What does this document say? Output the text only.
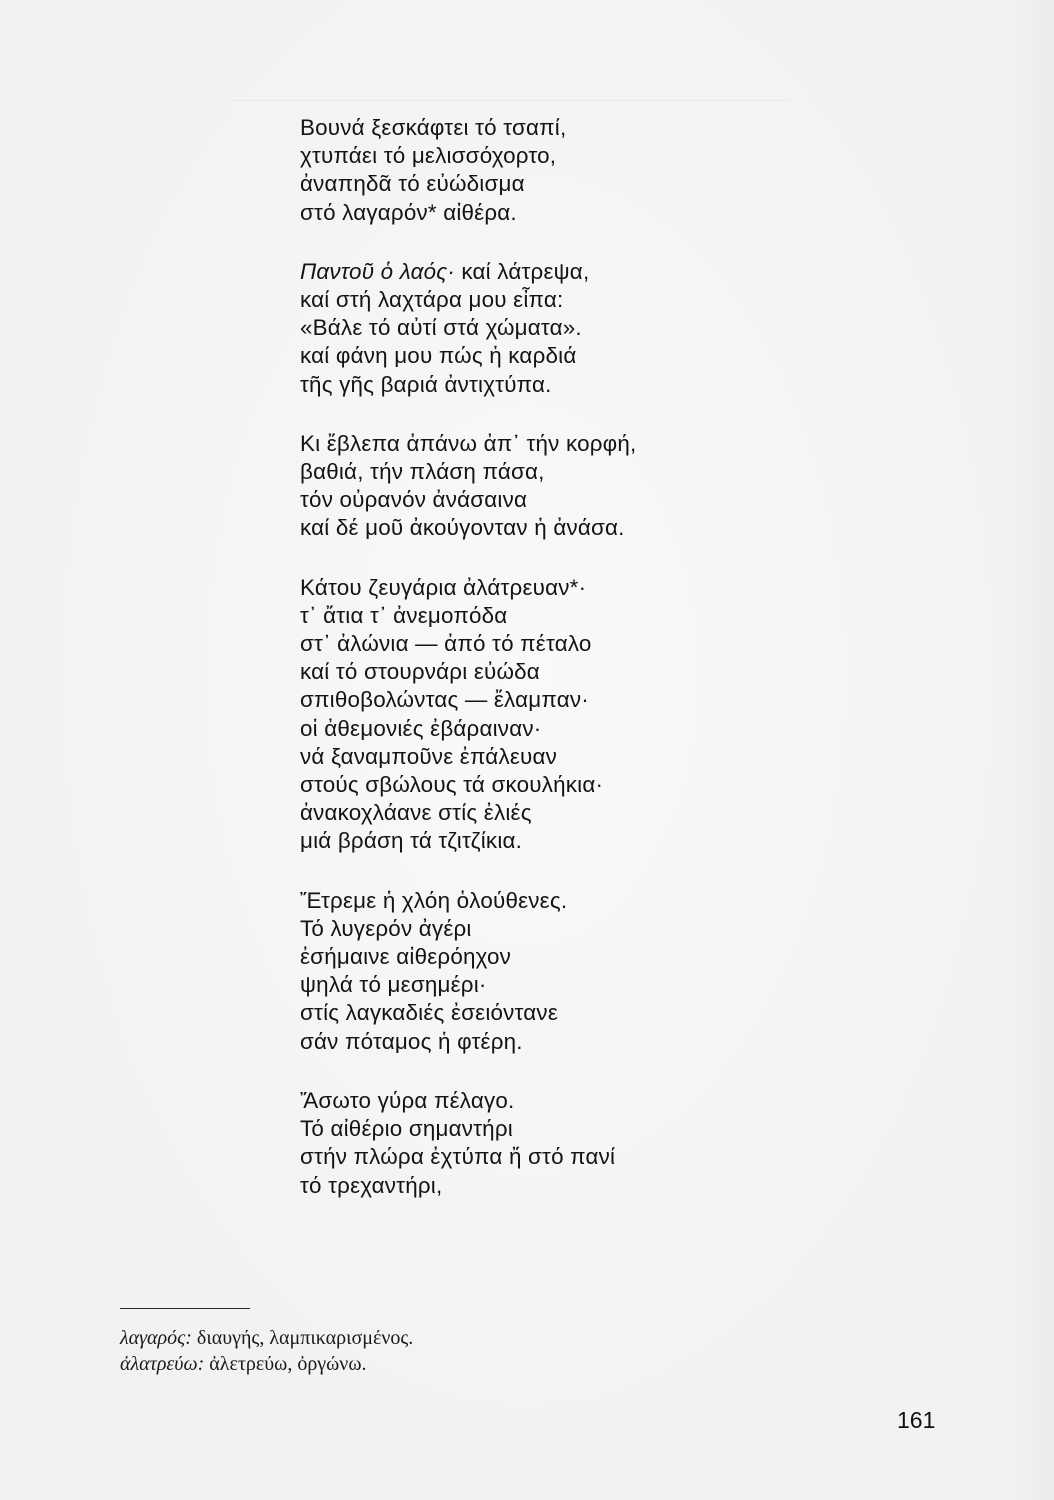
Βουνά ξεσκάφτει τό τσαπί,
χτυπάει τό μελισσόχορτο,
ἀναπηδᾶ τό εὐώδισμα
στό λαγαρόν* αἰθέρα.
Παντοῦ ὁ λαός· καί λάτρεψα,
καί στή λαχτάρα μου εἶπα:
«Βάλε τό αὐτί στά χώματα».
καί φάνη μου πώς ἡ καρδιά
τῆς γῆς βαριά ἀντιχτύπα.
Κι ἔβλεπα ἀπάνω ἀπ᾽ τήν κορφή,
βαθιά, τήν πλάση πάσα,
τόν οὐρανόν ἀνάσαινα
καί δέ μοῦ ἀκούγονταν ἡ ἀνάσα.
Κάτου ζευγάρια ἀλάτρευαν*·
τ᾽ ἄτια τ᾽ ἀνεμοπόδα
στ᾽ ἀλώνια — ἀπό τό πέταλο
καί τό στουρνάρι εὐώδα
σπιθοβολώντας — ἔλαμπαν·
οἱ ἀθεμονιές ἐβάραιναν·
νά ξαναμποῦνε ἐπάλευαν
στούς σβώλους τά σκουλήκια·
ἀνακοχλάανε στίς ἐλιές
μιά βράση τά τζιτζίκια.
Ἔτρεμε ἡ χλόη ὁλούθενες.
Τό λυγερόν ἀγέρι
ἐσήμαινε αἰθερόηχον
ψηλά τό μεσημέρι·
στίς λαγκαδιές ἐσειόντανε
σάν πόταμος ἡ φτέρη.
Ἄσωτο γύρα πέλαγο.
Τό αἰθέριο σημαντήρι
στήν πλώρα ἐχτύπα ἤ στό πανί
τό τρεχαντήρι,
λαγαρός: διαυγής, λαμπικαρισμένος.
ἀλατρεύω: ἀλετρεύω, ὀργώνω.
161
